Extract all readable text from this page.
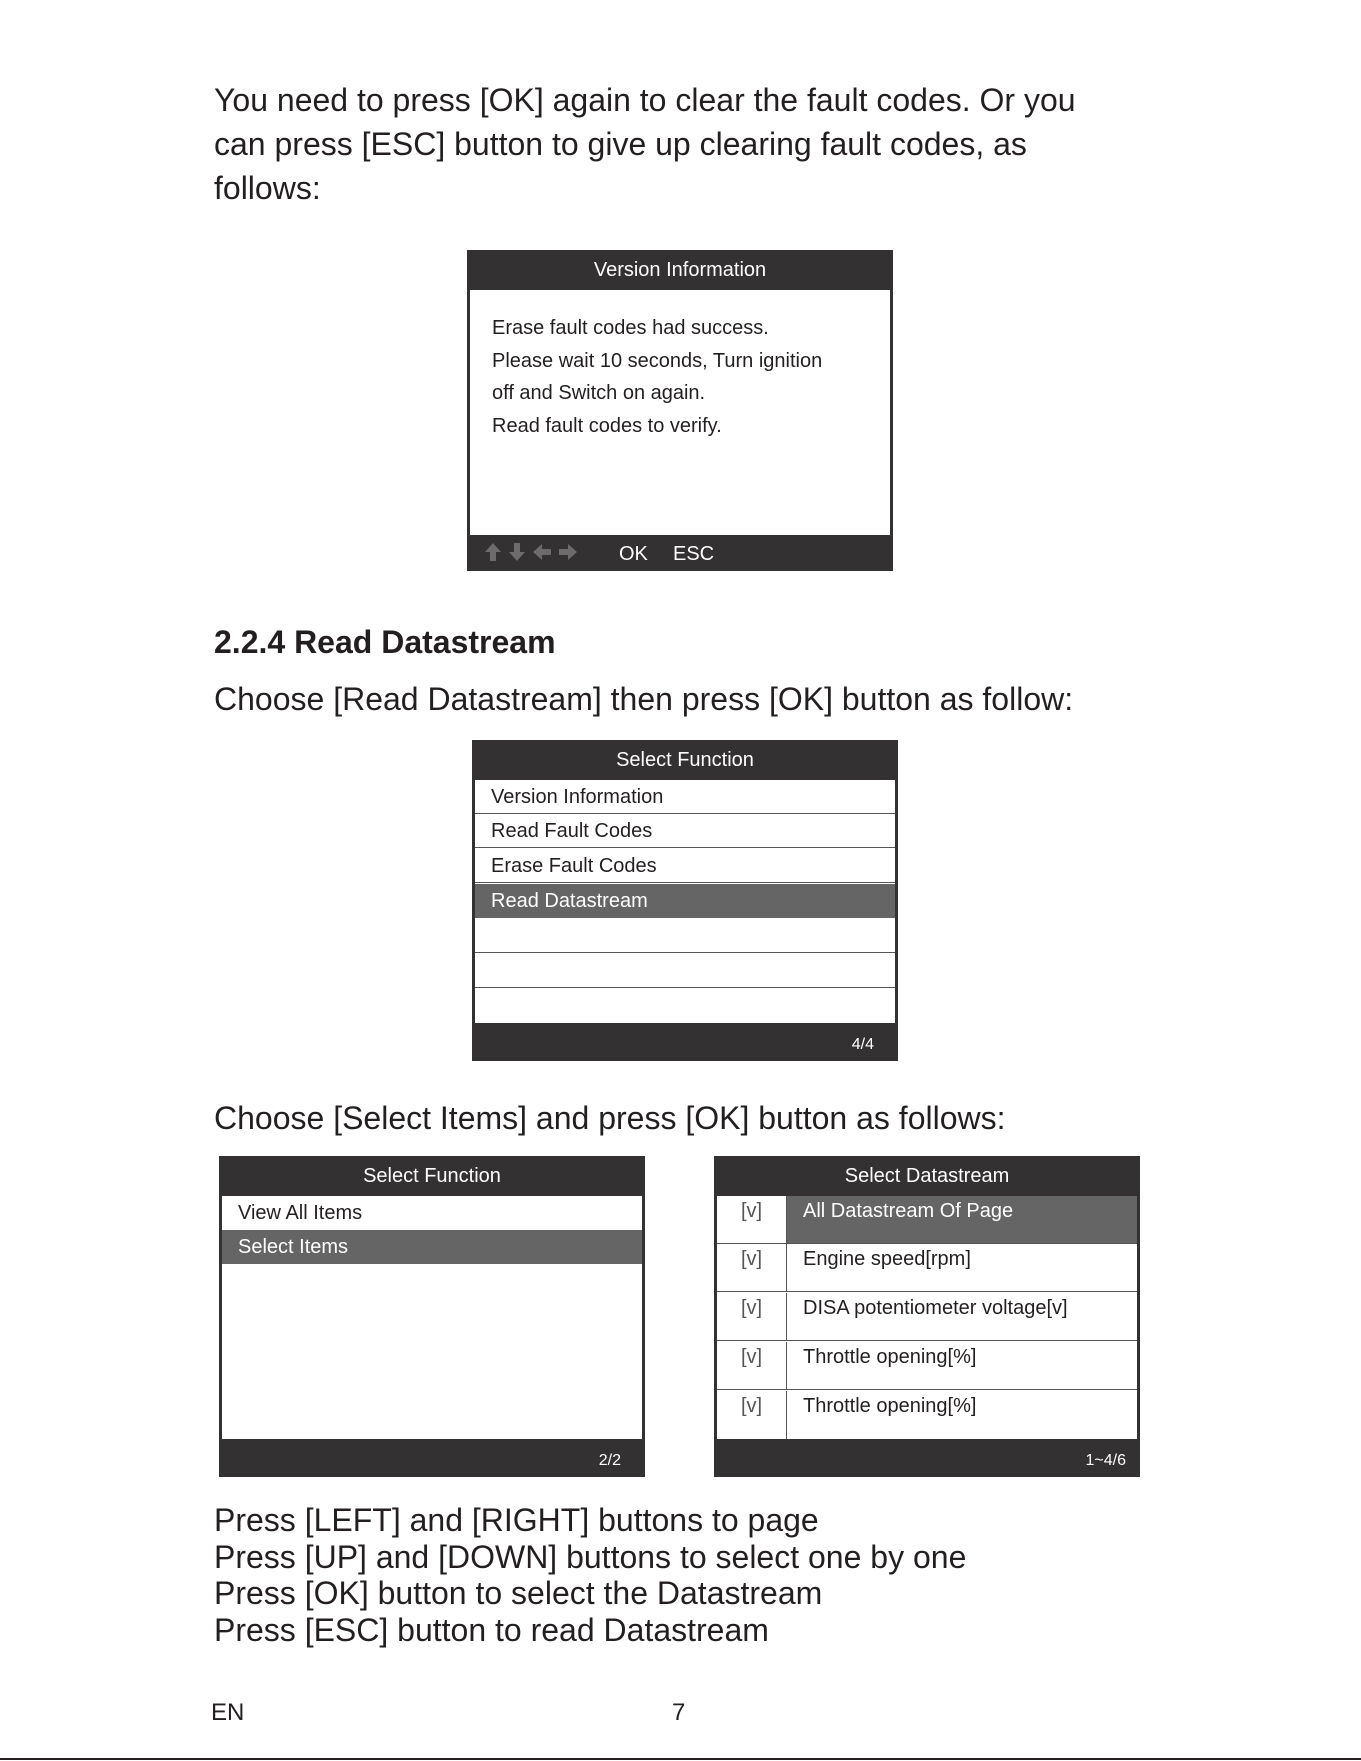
You need to press [OK] again to clear the fault codes. Or you
can press [ESC] button to give up clearing fault codes, as
follows:
Version Information
Erase fault codes had success.
Please wait 10 seconds, Turn ignition
off and Switch on again.
Read fault codes to verify.
OK ESC
2.2.4 Read Datastream
Choose [Read Datastream] then press [OK] button as follow:
Select Function
Version Information
Read Fault Codes
Erase Fault Codes
Read Datastream
4/4
Choose [Select Items] and press [OK] button as follows:
Select Function
View All Items
Select Items
2/2
Select Datastream
[v]	All Datastream Of Page
[v]	Engine speed[rpm]
[v]	DISA potentiometer voltage[v]
[v]	Throttle opening[%]
[v]	Throttle opening[%]
1~4/6
Press [LEFT] and [RIGHT] buttons to page
Press [UP] and [DOWN] buttons to select one by one
Press [OK] button to select the Datastream
Press [ESC] button to read Datastream
EN	7
